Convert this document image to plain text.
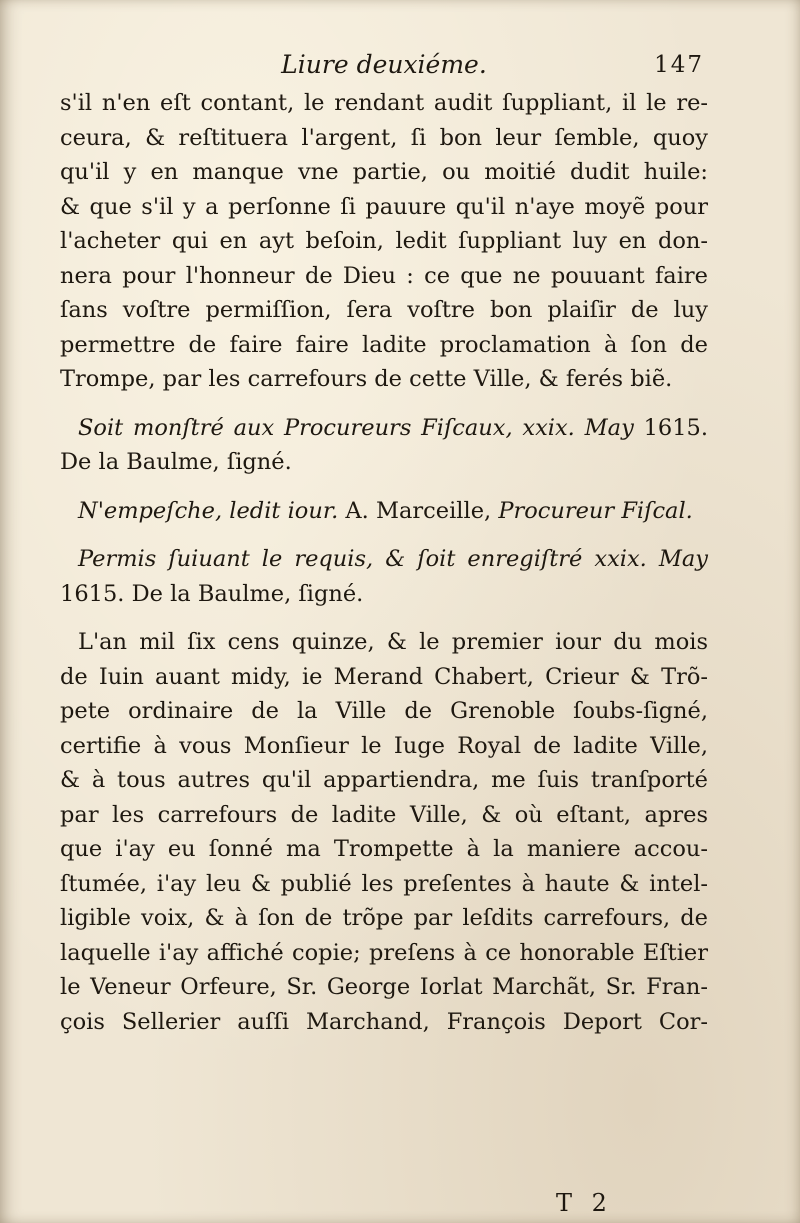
Liure deuxiéme.	147
s'il n'en eſt contant, le rendant audit ſuppliant, il le re-
ceura, & reſtituera l'argent, ſi bon leur ſemble, quoy
qu'il y en manque vne partie, ou moitié dudit huile:
& que s'il y a perſonne ſi pauure qu'il n'aye moyẽ pour
l'acheter qui en ayt beſoin, ledit ſuppliant luy en don-
nera pour l'honneur de Dieu : ce que ne pouuant faire
ſans voſtre permiſſion, ſera voſtre bon plaiſir de luy
permettre de faire faire ladite proclamation à ſon de
Trompe, par les carrefours de cette Ville, & ferés biẽ.
Soit monſtré aux Procureurs Fiſcaux, xxix. May 1615.
De la Baulme, ſigné.
N'empeſche, ledit iour. A. Marceille, Procureur Fiſcal.
Permis ſuiuant le requis, & ſoit enregiſtré xxix. May
1615. De la Baulme, ſigné.
L'an mil ſix cens quinze, & le premier iour du mois
de Iuin auant midy, ie Merand Chabert, Crieur & Trõ-
pete ordinaire de la Ville de Grenoble ſoubs-ſigné,
certifie à vous Monſieur le Iuge Royal de ladite Ville,
& à tous autres qu'il appartiendra, me ſuis tranſporté
par les carrefours de ladite Ville, & où eſtant, apres
que i'ay eu ſonné ma Trompette à la maniere accou-
ſtumée, i'ay leu & publié les preſentes à haute & intel-
ligible voix, & à ſon de trõpe par leſdits carrefours, de
laquelle i'ay affiché copie; preſens à ce honorable Eſtier
le Veneur Orfeure, Sr. George Iorlat Marchãt, Sr. Fran-
çois Sellerier auſſi Marchand, François Deport Cor-
T 2
